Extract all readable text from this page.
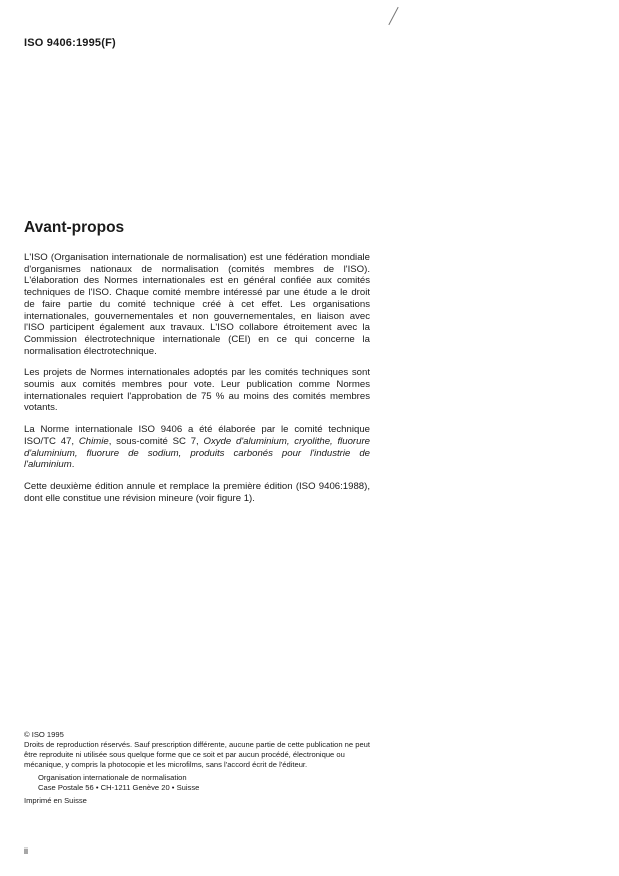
ISO 9406:1995(F)
Avant-propos

L'ISO (Organisation internationale de normalisation) est une fédération mondiale d'organismes nationaux de normalisation (comités membres de l'ISO). L'élaboration des Normes internationales est en général confiée aux comités techniques de l'ISO. Chaque comité membre intéressé par une étude a le droit de faire partie du comité technique créé à cet effet. Les organisations internationales, gouvernementales et non gouvernementales, en liaison avec l'ISO participent également aux travaux. L'ISO collabore étroitement avec la Commission électrotechnique internationale (CEI) en ce qui concerne la normalisation électrotechnique.

Les projets de Normes internationales adoptés par les comités techniques sont soumis aux comités membres pour vote. Leur publication comme Normes internationales requiert l'approbation de 75 % au moins des comités membres votants.

La Norme internationale ISO 9406 a été élaborée par le comité technique ISO/TC 47, Chimie, sous-comité SC 7, Oxyde d'aluminium, cryolithe, fluorure d'aluminium, fluorure de sodium, produits carbonés pour l'industrie de l'aluminium.

Cette deuxième édition annule et remplace la première édition (ISO 9406:1988), dont elle constitue une révision mineure (voir figure 1).

© ISO 1995
Droits de reproduction réservés. Sauf prescription différente, aucune partie de cette publication ne peut être reproduite ni utilisée sous quelque forme que ce soit et par aucun procédé, électronique ou mécanique, y compris la photocopie et les microfilms, sans l'accord écrit de l'éditeur.
Organisation internationale de normalisation
Case Postale 56 • CH-1211 Genève 20 • Suisse
Imprimé en Suisse
ii
